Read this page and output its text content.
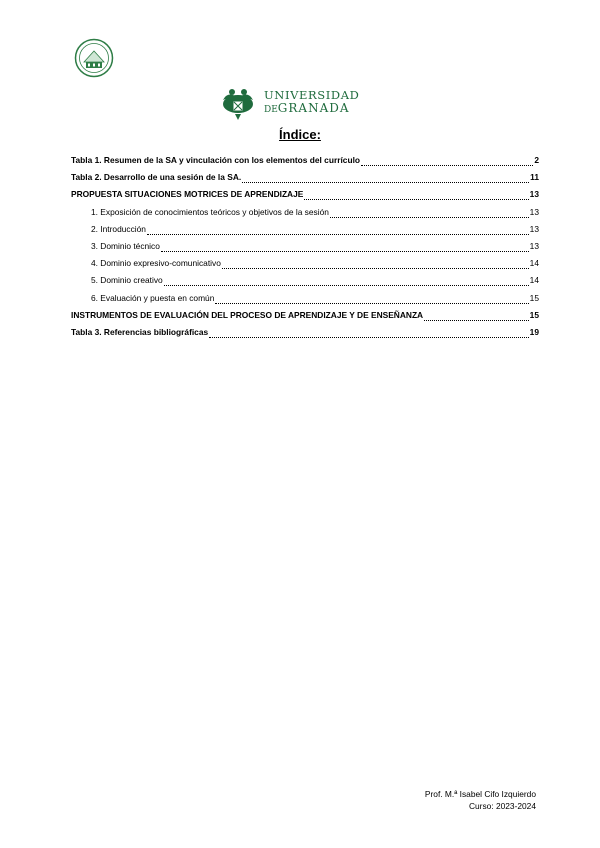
UNIVERSIDAD
DEGRANADA
Índice:
Tabla 1. Resumen de la SA y vinculación con los elementos del currículo	2
Tabla 2. Desarrollo de una sesión de la SA.	11
PROPUESTA SITUACIONES MOTRICES DE APRENDIZAJE	13
1. Exposición de conocimientos teóricos y objetivos de la sesión	13
2. Introducción	13
3. Dominio técnico	13
4. Dominio expresivo-comunicativo	14
5. Dominio creativo	14
6. Evaluación y puesta en común	15
INSTRUMENTOS DE EVALUACIÓN DEL PROCESO DE APRENDIZAJE Y DE ENSEÑANZA	15
Tabla 3. Referencias bibliográficas	19
Prof. M.ª Isabel Cifo Izquierdo
Curso: 2023-2024
